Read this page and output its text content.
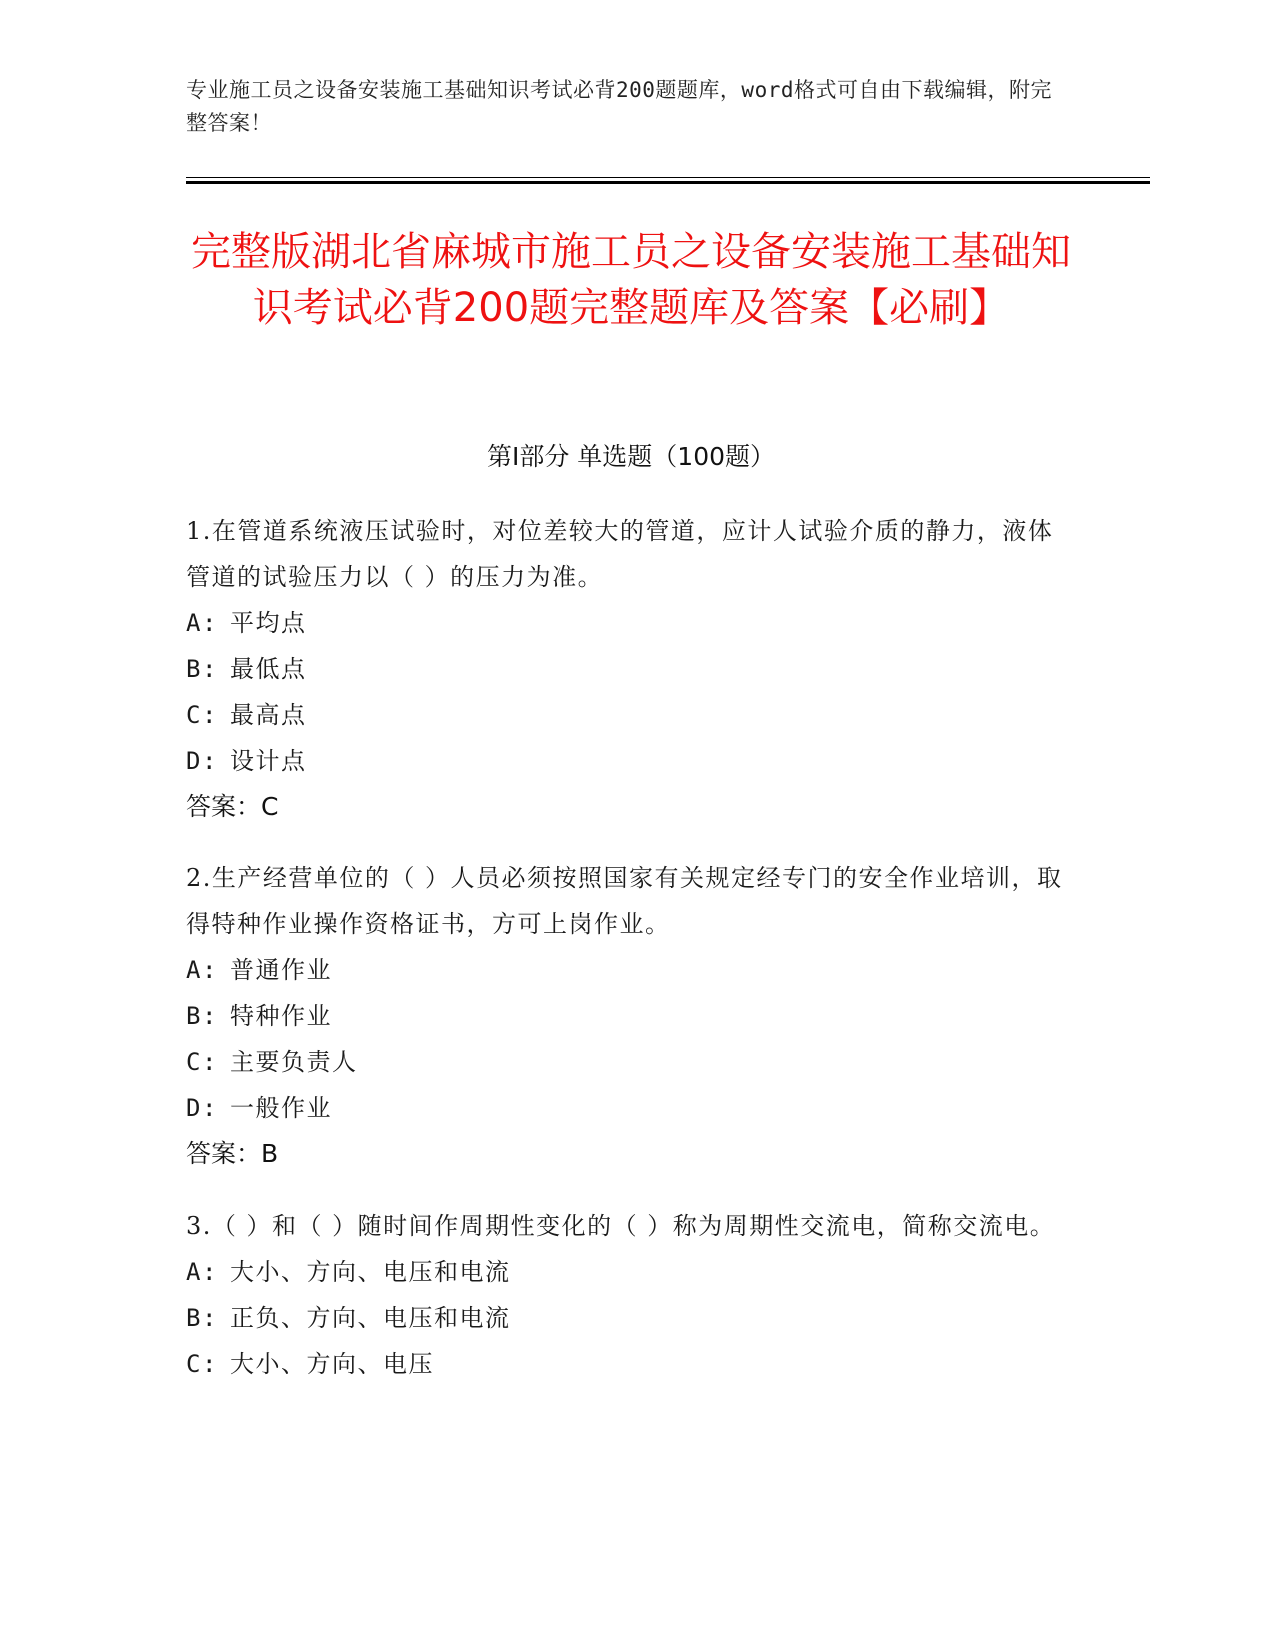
专业施工员之设备安装施工基础知识考试必背200题题库，word格式可自由下载编辑，附完整答案！
完整版湖北省麻城市施工员之设备安装施工基础知识考试必背200题完整题库及答案【必刷】
第Ⅰ部分 单选题（100题）

1.在管道系统液压试验时，对位差较大的管道，应计人试验介质的静力，液体管道的试验压力以（ ）的压力为准。

A: 平均点

B: 最低点

C: 最高点

D: 设计点

答案：C

2.生产经营单位的（ ）人员必须按照国家有关规定经专门的安全作业培训，取得特种作业操作资格证书，方可上岗作业。

A: 普通作业

B: 特种作业

C: 主要负责人

D: 一般作业

答案：B

3.（ ）和（ ）随时间作周期性变化的（ ）称为周期性交流电，简称交流电。

A: 大小、方向、电压和电流

B: 正负、方向、电压和电流

C: 大小、方向、电压
